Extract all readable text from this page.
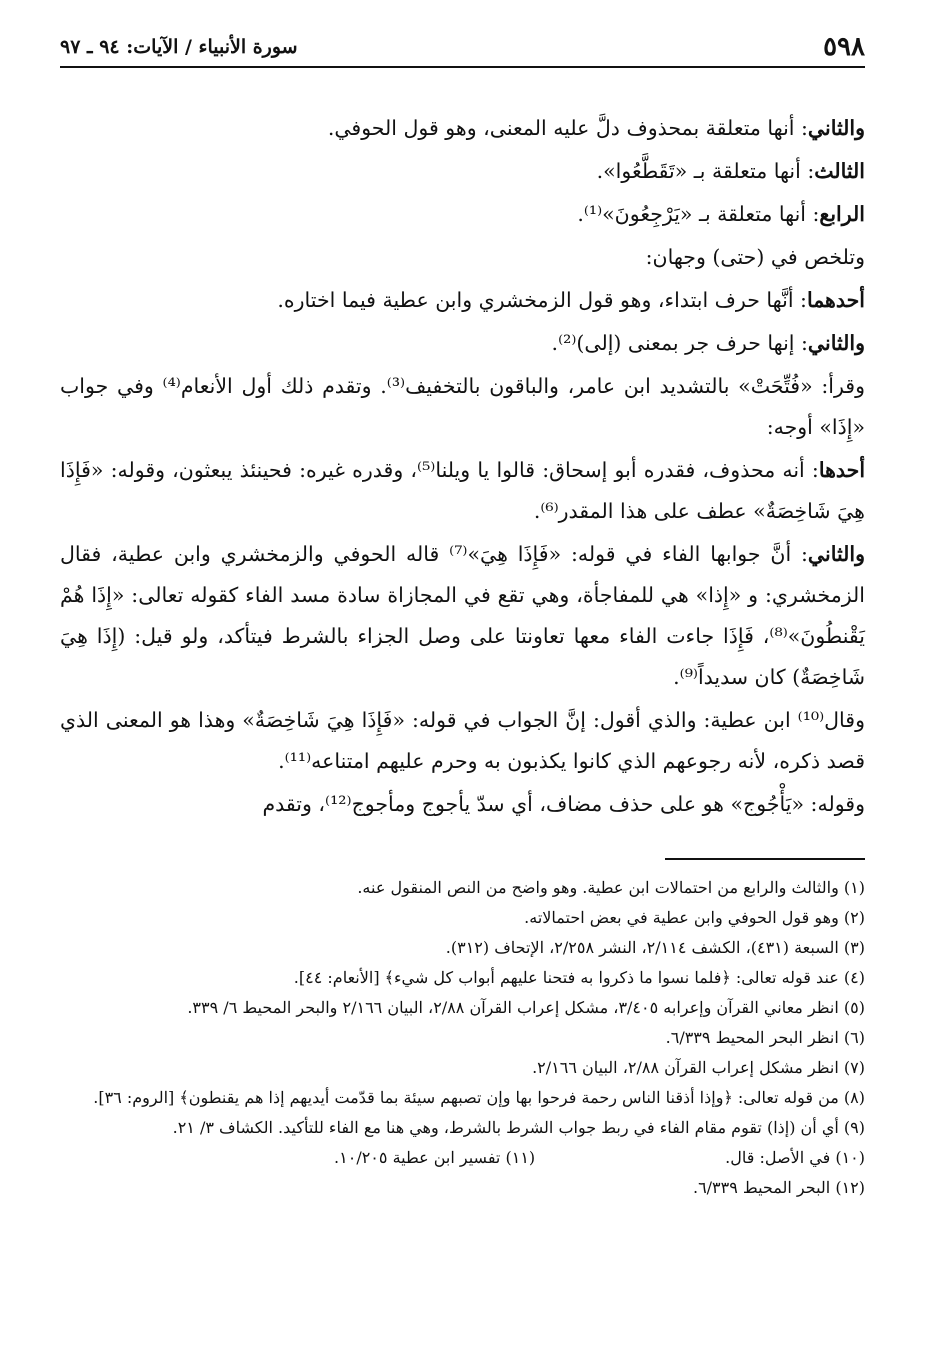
٥٩٨
سورة الأنبياء / الآيات: ٩٤ ـ ٩٧

والثاني: أنها متعلقة بمحذوف دلَّ عليه المعنى، وهو قول الحوفي.

الثالث: أنها متعلقة بـ «تَقَطَّعُوا».

الرابع: أنها متعلقة بـ «يَرْجِعُونَ»⁽¹⁾.

وتلخص في (حتى) وجهان:

أحدهما: أنَّها حرف ابتداء، وهو قول الزمخشري وابن عطية فيما اختاره.

والثاني: إنها حرف جر بمعنى (إلى)⁽²⁾.

وقرأ: «فُتِّحَتْ» بالتشديد ابن عامر، والباقون بالتخفيف⁽³⁾. وتقدم ذلك أول الأنعام⁽⁴⁾ وفي جواب «إِذَا» أوجه:

أحدها: أنه محذوف، فقدره أبو إسحاق: قالوا يا ويلنا⁽⁵⁾، وقدره غيره: فحينئذ يبعثون، وقوله: «فَإِذَا هِيَ شَاخِصَةٌ» عطف على هذا المقدر⁽⁶⁾.

والثاني: أنَّ جوابها الفاء في قوله: «فَإِذَا هِيَ»⁽⁷⁾ قاله الحوفي والزمخشري وابن عطية، فقال الزمخشري: و «إِذا» هي للمفاجأة، وهي تقع في المجازاة سادة مسد الفاء كقوله تعالى: «إِذَا هُمْ يَقْنطُونَ»⁽⁸⁾، فَإِذَا جاءت الفاء معها تعاونتا على وصل الجزاء بالشرط فيتأكد، ولو قيل: (إِذَا هِيَ شَاخِصَةٌ) كان سديداً⁽⁹⁾.

وقال⁽¹⁰⁾ ابن عطية: والذي أقول: إنَّ الجواب في قوله: «فَإِذَا هِيَ شَاخِصَةٌ» وهذا هو المعنى الذي قصد ذكره، لأنه رجوعهم الذي كانوا يكذبون به وحرم عليهم امتناعه⁽¹¹⁾.

وقوله: «يَأْجُوج» هو على حذف مضاف، أي سدّ يأجوج ومأجوج⁽¹²⁾، وتقدم

(١) والثالث والرابع من احتمالات ابن عطية. وهو واضح من النص المنقول عنه.

(٢) وهو قول الحوفي وابن عطية في بعض احتمالاته.

(٣) السبعة (٤٣١)، الكشف ٢/١١٤، النشر ٢/٢٥٨، الإتحاف (٣١٢).

(٤) عند قوله تعالى: ﴿فلما نسوا ما ذكروا به فتحنا عليهم أبواب كل شيء﴾ [الأنعام: ٤٤].

(٥) انظر معاني القرآن وإعرابه ٣/٤٠٥، مشكل إعراب القرآن ٢/٨٨، البيان ٢/١٦٦ والبحر المحيط ٦/ ٣٣٩.

(٦) انظر البحر المحيط ٦/٣٣٩.

(٧) انظر مشكل إعراب القرآن ٢/٨٨، البيان ٢/١٦٦.

(٨) من قوله تعالى: ﴿وإذا أذقنا الناس رحمة فرحوا بها وإن تصبهم سيئة بما قدّمت أيديهم إذا هم يقنطون﴾ [الروم: ٣٦].

(٩) أي أن (إذا) تقوم مقام الفاء في ربط جواب الشرط بالشرط، وهي هنا مع الفاء للتأكيد. الكشاف ٣/ ٢١.

(١٠) في الأصل: قال.

(١١) تفسير ابن عطية ١٠/٢٠٥.

(١٢) البحر المحيط ٦/٣٣٩.
